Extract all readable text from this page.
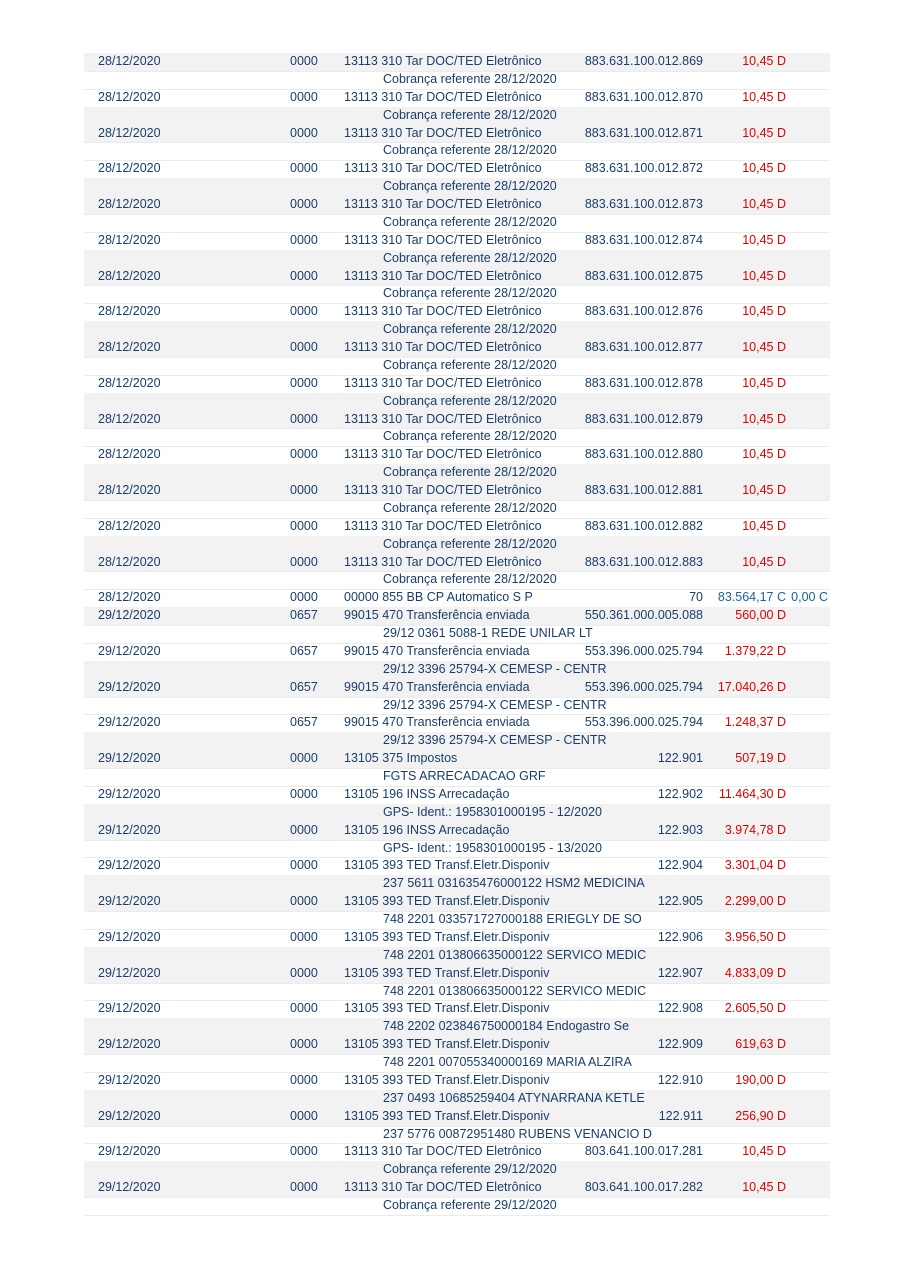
28/12/2020	0000 13113 310 Tar DOC/TED Eletrônico	883.631.100.012.869	10,45 D
Cobrança referente 28/12/2020
28/12/2020	0000 13113 310 Tar DOC/TED Eletrônico	883.631.100.012.870	10,45 D
Cobrança referente 28/12/2020
28/12/2020	0000 13113 310 Tar DOC/TED Eletrônico	883.631.100.012.871	10,45 D
Cobrança referente 28/12/2020
28/12/2020	0000 13113 310 Tar DOC/TED Eletrônico	883.631.100.012.872	10,45 D
Cobrança referente 28/12/2020
28/12/2020	0000 13113 310 Tar DOC/TED Eletrônico	883.631.100.012.873	10,45 D
Cobrança referente 28/12/2020
28/12/2020	0000 13113 310 Tar DOC/TED Eletrônico	883.631.100.012.874	10,45 D
Cobrança referente 28/12/2020
28/12/2020	0000 13113 310 Tar DOC/TED Eletrônico	883.631.100.012.875	10,45 D
Cobrança referente 28/12/2020
28/12/2020	0000 13113 310 Tar DOC/TED Eletrônico	883.631.100.012.876	10,45 D
Cobrança referente 28/12/2020
28/12/2020	0000 13113 310 Tar DOC/TED Eletrônico	883.631.100.012.877	10,45 D
Cobrança referente 28/12/2020
28/12/2020	0000 13113 310 Tar DOC/TED Eletrônico	883.631.100.012.878	10,45 D
Cobrança referente 28/12/2020
28/12/2020	0000 13113 310 Tar DOC/TED Eletrônico	883.631.100.012.879	10,45 D
Cobrança referente 28/12/2020
28/12/2020	0000 13113 310 Tar DOC/TED Eletrônico	883.631.100.012.880	10,45 D
Cobrança referente 28/12/2020
28/12/2020	0000 13113 310 Tar DOC/TED Eletrônico	883.631.100.012.881	10,45 D
Cobrança referente 28/12/2020
28/12/2020	0000 13113 310 Tar DOC/TED Eletrônico	883.631.100.012.882	10,45 D
Cobrança referente 28/12/2020
28/12/2020	0000 13113 310 Tar DOC/TED Eletrônico	883.631.100.012.883	10,45 D
Cobrança referente 28/12/2020
28/12/2020	0000 00000 855 BB CP Automatico S P	70 83.564,17 C 0,00 C
29/12/2020	0657 99015 470 Transferência enviada	550.361.000.005.088	560,00 D
29/12 0361 5088-1 REDE UNILAR LT
29/12/2020	0657 99015 470 Transferência enviada	553.396.000.025.794 1.379,22 D
29/12 3396 25794-X CEMESP - CENTR
29/12/2020	0657 99015 470 Transferência enviada	553.396.000.025.794 17.040,26 D
29/12 3396 25794-X CEMESP - CENTR
29/12/2020	0657 99015 470 Transferência enviada	553.396.000.025.794 1.248,37 D
29/12 3396 25794-X CEMESP - CENTR
29/12/2020	0000 13105 375 Impostos	122.901	507,19 D
FGTS ARRECADACAO GRF
29/12/2020	0000 13105 196 INSS Arrecadação	122.902 11.464,30 D
GPS- Ident.: 1958301000195 - 12/2020
29/12/2020	0000 13105 196 INSS Arrecadação	122.903 3.974,78 D
GPS- Ident.: 1958301000195 - 13/2020
29/12/2020	0000 13105 393 TED Transf.Eletr.Disponiv	122.904 3.301,04 D
237 5611 031635476000122 HSM2 MEDICINA
29/12/2020	0000 13105 393 TED Transf.Eletr.Disponiv	122.905 2.299,00 D
748 2201 033571727000188 ERIEGLY DE SO
29/12/2020	0000 13105 393 TED Transf.Eletr.Disponiv	122.906 3.956,50 D
748 2201 013806635000122 SERVICO MEDIC
29/12/2020	0000 13105 393 TED Transf.Eletr.Disponiv	122.907 4.833,09 D
748 2201 013806635000122 SERVICO MEDIC
29/12/2020	0000 13105 393 TED Transf.Eletr.Disponiv	122.908 2.605,50 D
748 2202 023846750000184 Endogastro Se
29/12/2020	0000 13105 393 TED Transf.Eletr.Disponiv	122.909	619,63 D
748 2201 007055340000169 MARIA ALZIRA
29/12/2020	0000 13105 393 TED Transf.Eletr.Disponiv	122.910	190,00 D
237 0493 10685259404 ATYNARRANA KETLE
29/12/2020	0000 13105 393 TED Transf.Eletr.Disponiv	122.911	256,90 D
237 5776 00872951480 RUBENS VENANCIO D
29/12/2020	0000 13113 310 Tar DOC/TED Eletrônico	803.641.100.017.281	10,45 D
Cobrança referente 29/12/2020
29/12/2020	0000 13113 310 Tar DOC/TED Eletrônico	803.641.100.017.282	10,45 D
Cobrança referente 29/12/2020
